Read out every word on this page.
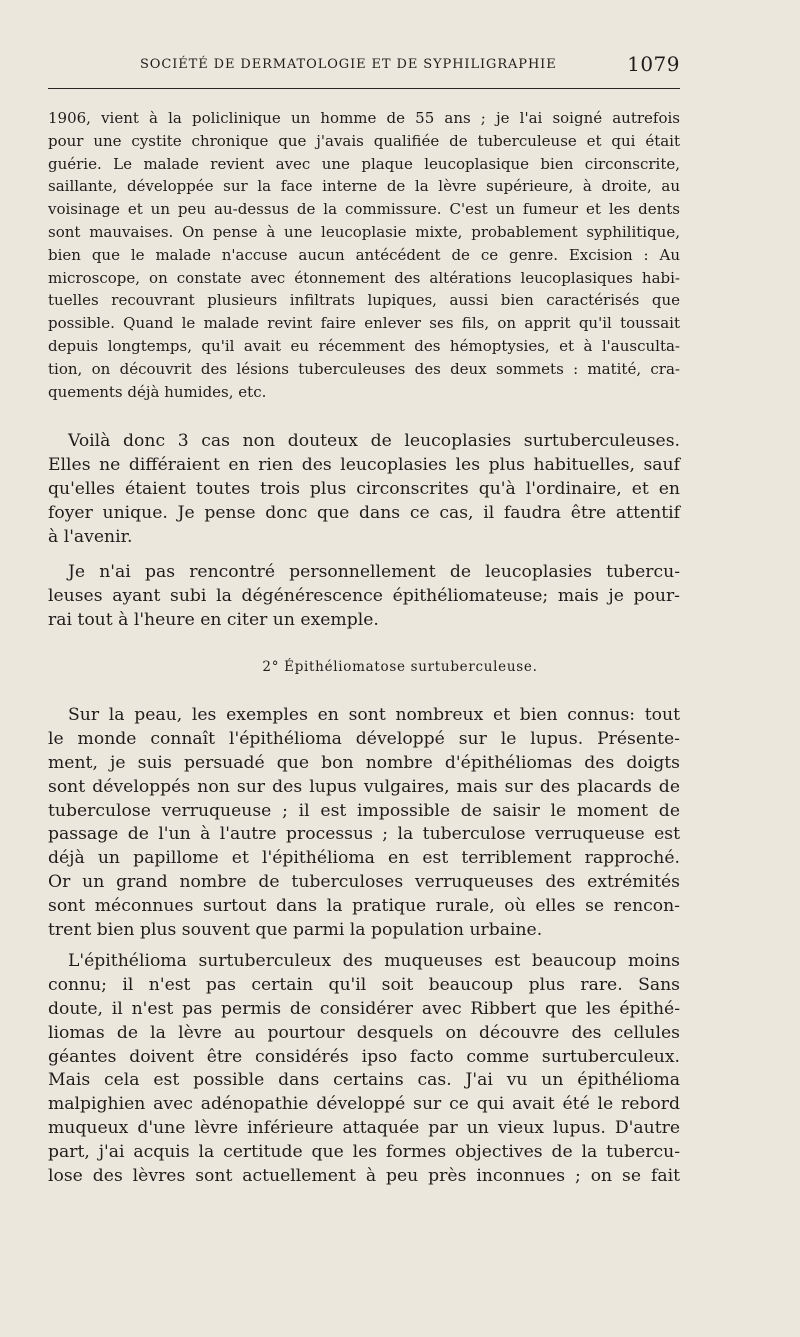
SOCIÉTÉ DE DERMATOLOGIE ET DE SYPHILIGRAPHIE	1079
1906, vient à la policlinique un homme de 55 ans ; je l'ai soigné autrefois
pour une cystite chronique que j'avais qualifiée de tuberculeuse et qui était
guérie. Le malade revient avec une plaque leucoplasique bien circonscrite,
saillante, développée sur la face interne de la lèvre supérieure, à droite, au
voisinage et un peu au-dessus de la commissure. C'est un fumeur et les dents
sont mauvaises. On pense à une leucoplasie mixte, probablement syphilitique,
bien que le malade n'accuse aucun antécédent de ce genre. Excision : Au
microscope, on constate avec étonnement des altérations leucoplasiques habi-
tuelles recouvrant plusieurs infiltrats lupiques, aussi bien caractérisés que
possible. Quand le malade revint faire enlever ses fils, on apprit qu'il toussait
depuis longtemps, qu'il avait eu récemment des hémoptysies, et à l'ausculta-
tion, on découvrit des lésions tuberculeuses des deux sommets : matité, cra-
quements déjà humides, etc.
Voilà donc 3 cas non douteux de leucoplasies surtuberculeuses.
Elles ne différaient en rien des leucoplasies les plus habituelles, sauf
qu'elles étaient toutes trois plus circonscrites qu'à l'ordinaire, et en
foyer unique. Je pense donc que dans ce cas, il faudra être attentif
à l'avenir.
Je n'ai pas rencontré personnellement de leucoplasies tubercu-
leuses ayant subi la dégénérescence épithéliomateuse; mais je pour-
rai tout à l'heure en citer un exemple.
2° Épithéliomatose surtuberculeuse.
Sur la peau, les exemples en sont nombreux et bien connus: tout
le monde connaît l'épithélioma développé sur le lupus. Présente-
ment, je suis persuadé que bon nombre d'épithéliomas des doigts
sont développés non sur des lupus vulgaires, mais sur des placards de
tuberculose verruqueuse ; il est impossible de saisir le moment de
passage de l'un à l'autre processus ; la tuberculose verruqueuse est
déjà un papillome et l'épithélioma en est terriblement rapproché.
Or un grand nombre de tuberculoses verruqueuses des extrémités
sont méconnues surtout dans la pratique rurale, où elles se rencon-
trent bien plus souvent que parmi la population urbaine.
L'épithélioma surtuberculeux des muqueuses est beaucoup moins
connu; il n'est pas certain qu'il soit beaucoup plus rare. Sans
doute, il n'est pas permis de considérer avec Ribbert que les épithé-
liomas de la lèvre au pourtour desquels on découvre des cellules
géantes doivent être considérés ipso facto comme surtuberculeux.
Mais cela est possible dans certains cas. J'ai vu un épithélioma
malpighien avec adénopathie développé sur ce qui avait été le rebord
muqueux d'une lèvre inférieure attaquée par un vieux lupus. D'autre
part, j'ai acquis la certitude que les formes objectives de la tubercu-
lose des lèvres sont actuellement à peu près inconnues ; on se fait
